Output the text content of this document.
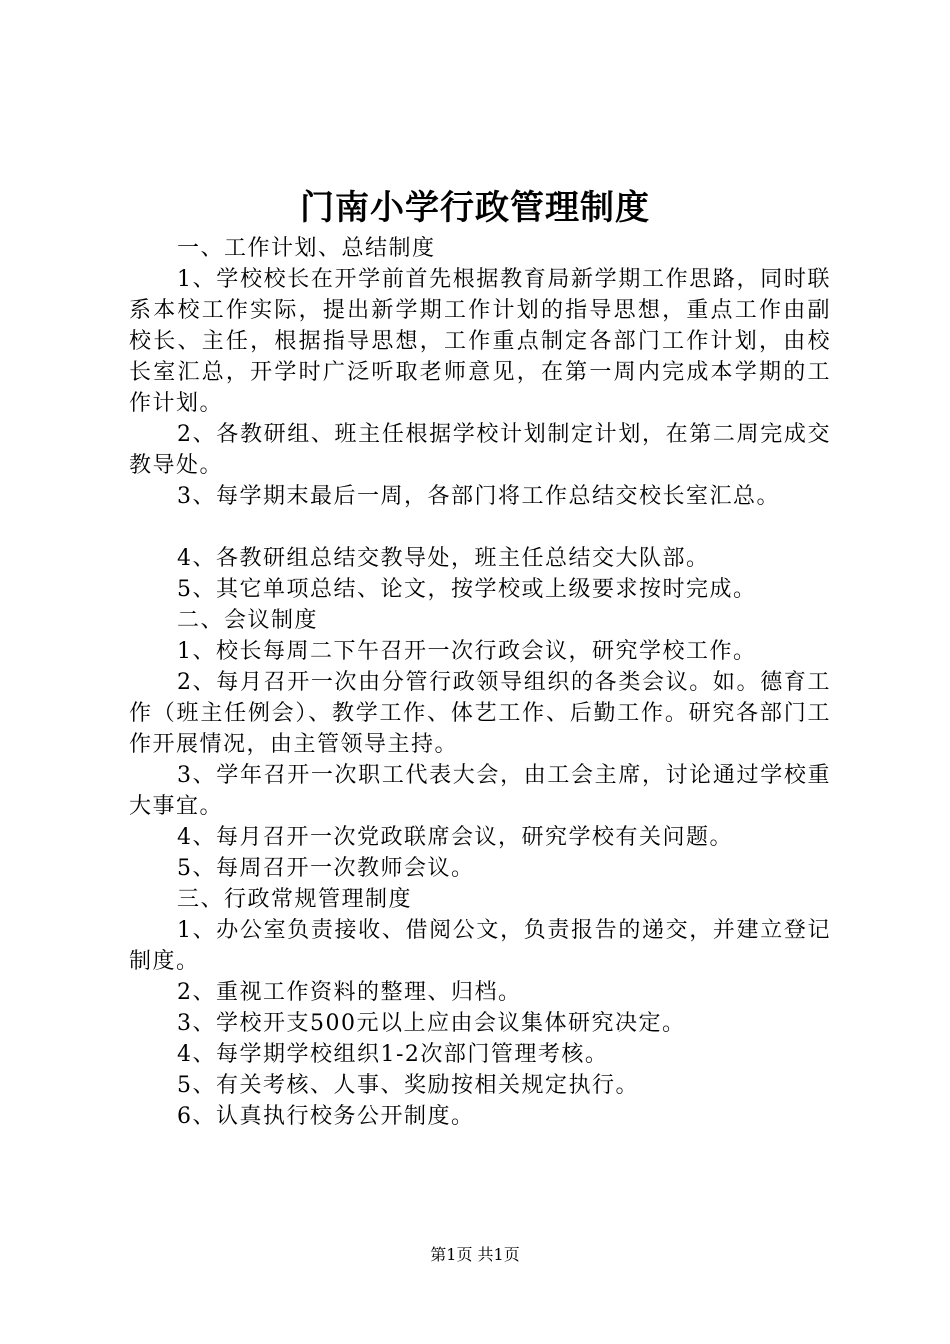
门南小学行政管理制度

一、工作计划、总结制度

1、学校校长在开学前首先根据教育局新学期工作思路，同时联系本校工作实际，提出新学期工作计划的指导思想，重点工作由副校长、主任，根据指导思想，工作重点制定各部门工作计划，由校长室汇总，开学时广泛听取老师意见，在第一周内完成本学期的工作计划。

2、各教研组、班主任根据学校计划制定计划，在第二周完成交教导处。

3、每学期末最后一周，各部门将工作总结交校长室汇总。

4、各教研组总结交教导处，班主任总结交大队部。

5、其它单项总结、论文，按学校或上级要求按时完成。

二、会议制度

1、校长每周二下午召开一次行政会议，研究学校工作。

2、每月召开一次由分管行政领导组织的各类会议。如。德育工作（班主任例会）、教学工作、体艺工作、后勤工作。研究各部门工作开展情况，由主管领导主持。

3、学年召开一次职工代表大会，由工会主席，讨论通过学校重大事宜。

4、每月召开一次党政联席会议，研究学校有关问题。

5、每周召开一次教师会议。

三、行政常规管理制度

1、办公室负责接收、借阅公文，负责报告的递交，并建立登记制度。

2、重视工作资料的整理、归档。

3、学校开支500元以上应由会议集体研究决定。

4、每学期学校组织1-2次部门管理考核。

5、有关考核、人事、奖励按相关规定执行。

6、认真执行校务公开制度。

第1页 共1页
